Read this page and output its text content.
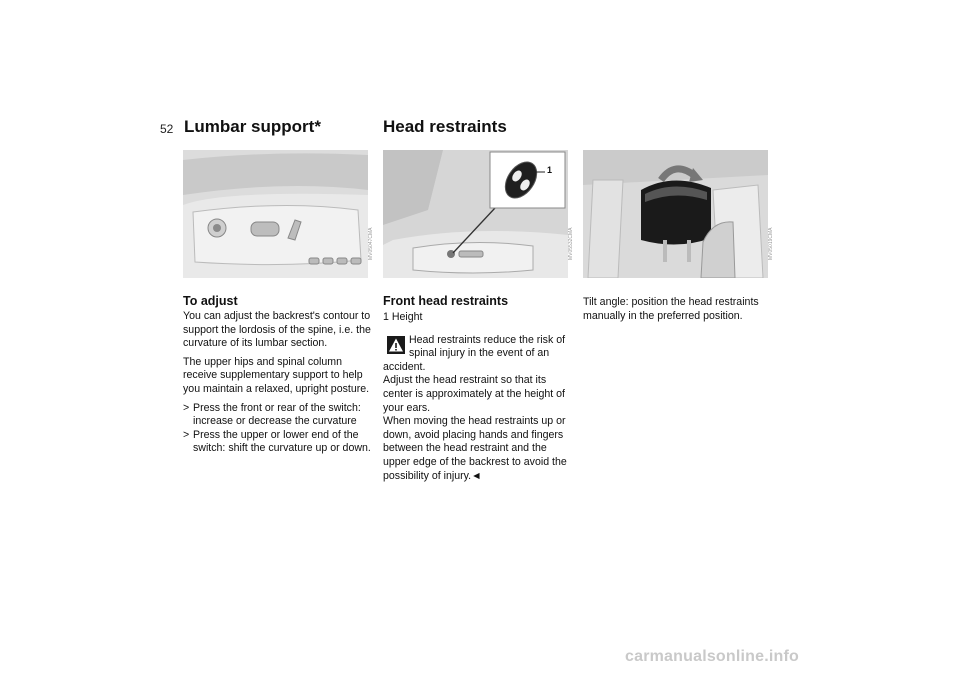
52 Lumbar support*	Head restraints
MV05047CMA
1
MV05532CMA	MV05019CMA
To adjust

You can adjust the backrest's contour to support the lordosis of the spine, i.e. the curvature of its lumbar section.

The upper hips and spinal column receive supplementary support to help you maintain a relaxed, upright posture.

> Press the front or rear of the switch: increase or decrease the curvature

> Press the upper or lower end of the switch: shift the curvature up or down.

Front head restraints

1 Height

Head restraints reduce the risk of
spinal injury in the event of an
accident.

Adjust the head restraint so that its center is approximately at the height of your ears.

When moving the head restraints up or down, avoid placing hands and fingers between the head restraint and the upper edge of the backrest to avoid the possibility of injury.◄

Tilt angle: position the head restraints manually in the preferred position.
carmanualsonline.info
